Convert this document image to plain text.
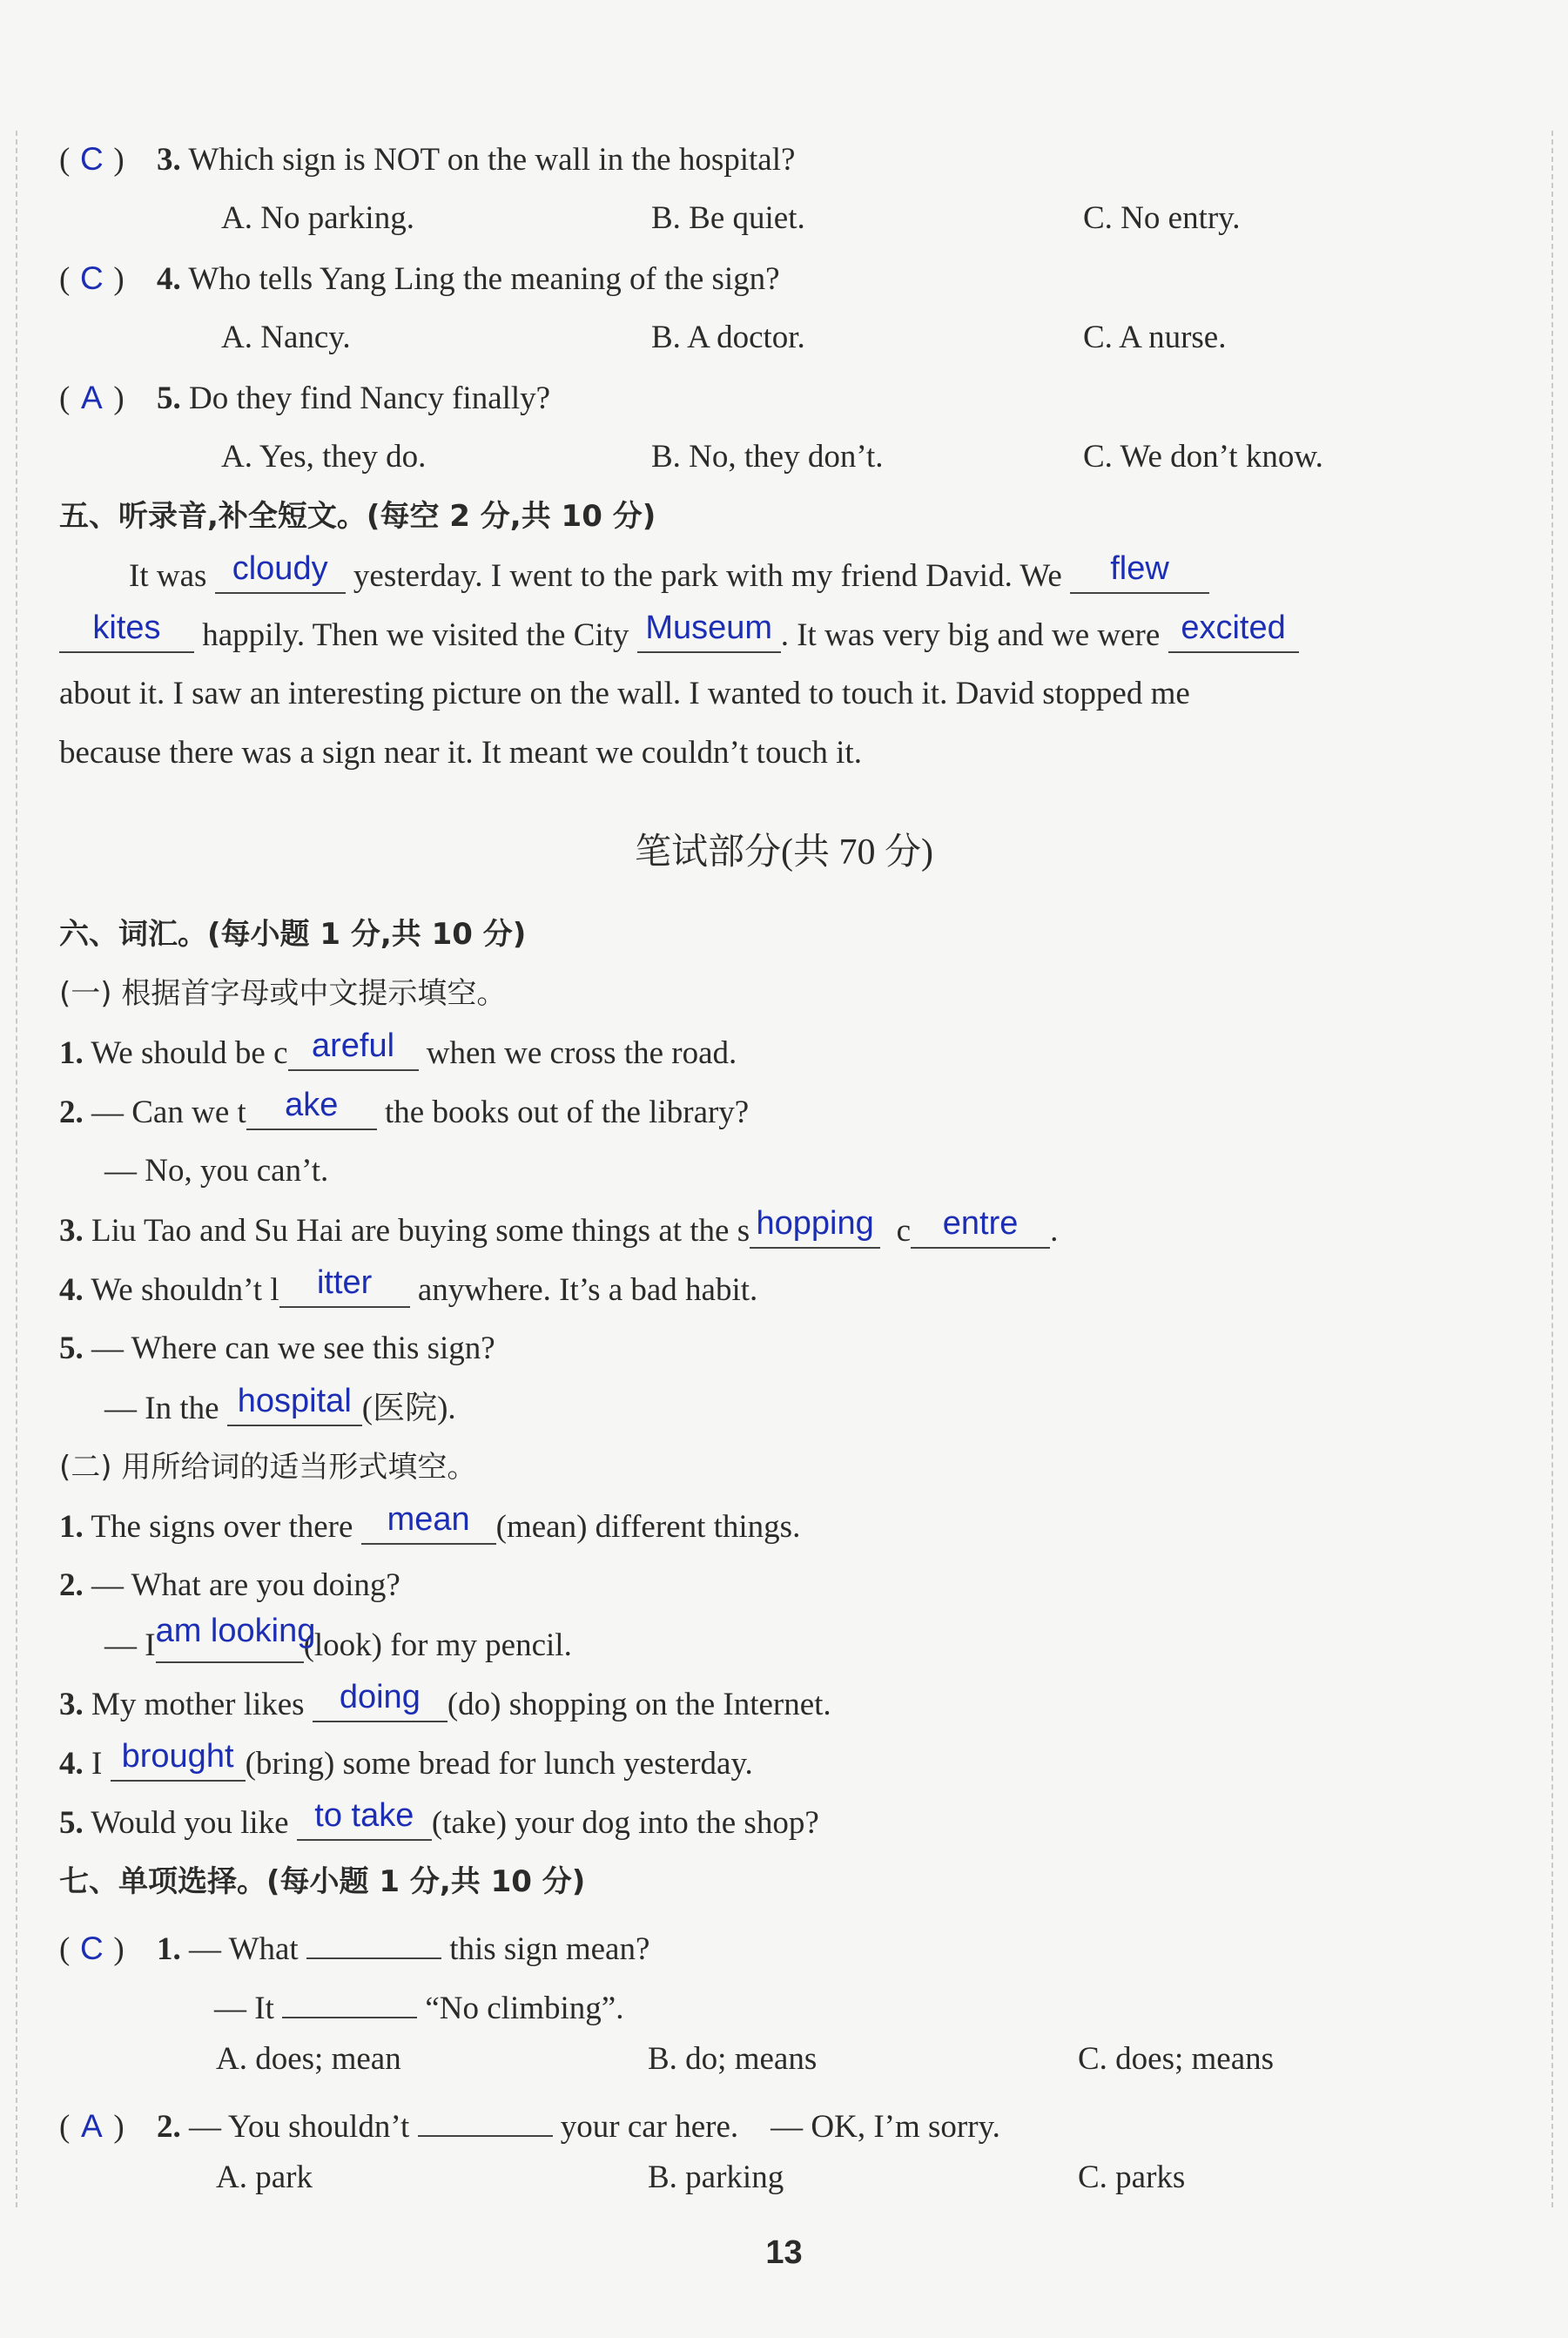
( C ) 3. Which sign is NOT on the wall in the hospital?
A. No parking.	B. Be quiet.	C. No entry.
( C ) 4. Who tells Yang Ling the meaning of the sign?
A. Nancy.	B. A doctor.	C. A nurse.
( A ) 5. Do they find Nancy finally?
A. Yes, they do.	B. No, they don’t.	C. We don’t know.
五、听录音,补全短文。(每空 2 分,共 10 分)
It was cloudy yesterday. I went to the park with my friend David. We flew
kites happily. Then we visited the City Museum . It was very big and we were excited
about it. I saw an interesting picture on the wall. I wanted to touch it. David stopped me
because there was a sign near it. It meant we couldn’t touch it.
笔试部分(共 70 分)
六、词汇。(每小题 1 分,共 10 分)
(一) 根据首字母或中文提示填空。
1. We should be c areful when we cross the road.
2. — Can we t ake the books out of the library?
— No, you can’t.
3. Liu Tao and Su Hai are buying some things at the s hopping c entre .
4. We shouldn’t l itter anywhere. It’s a bad habit.
5. — Where can we see this sign?
— In the hospital (医院).
(二) 用所给词的适当形式填空。
1. The signs over there mean (mean) different things.
2. — What are you doing?
— Iam looking(look) for my pencil.
3. My mother likes doing (do) shopping on the Internet.
4. I brought (bring) some bread for lunch yesterday.
5. Would you like to take (take) your dog into the shop?
七、单项选择。(每小题 1 分,共 10 分)
( C ) 1. — What	this sign mean?
— It	“No climbing”.
A. does; mean	B. do; means	C. does; means
( A ) 2. — You shouldn’t	your car here. — OK, I’m sorry.
A. park	B. parking	C. parks
13
